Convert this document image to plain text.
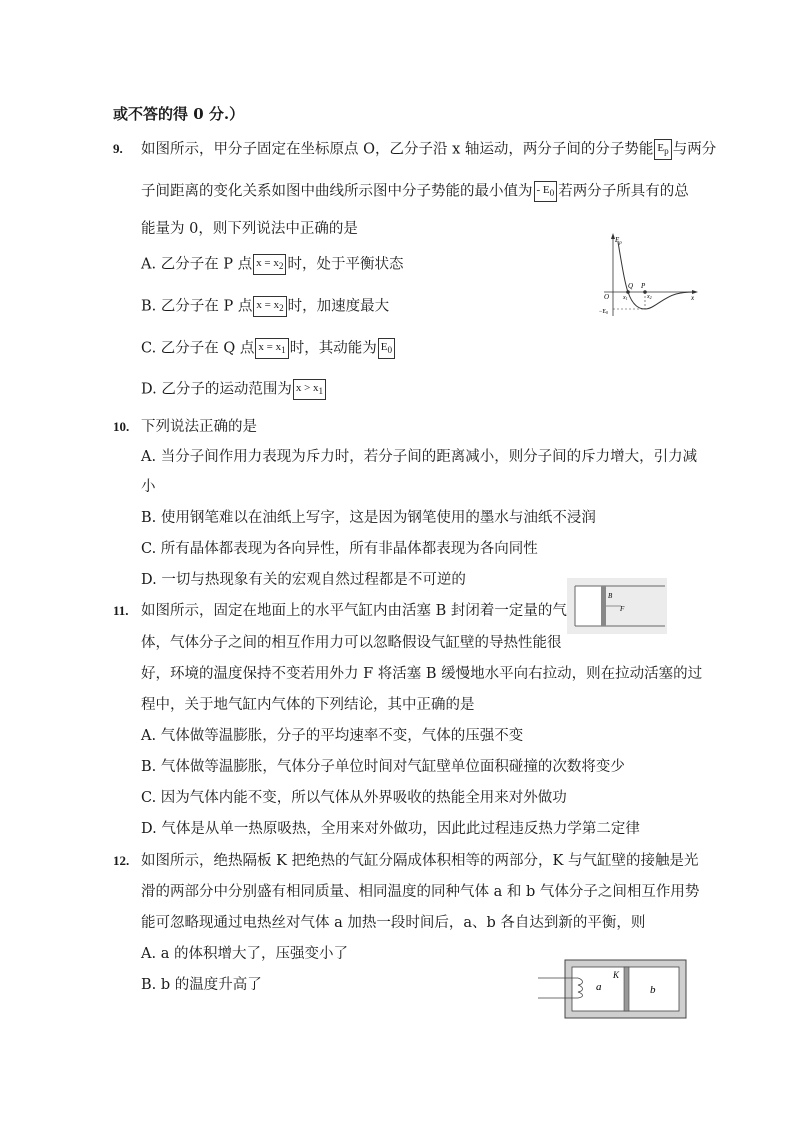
或不答的得 0 分.）
9. 如图所示，甲分子固定在坐标原点 O，乙分子沿 x 轴运动，两分子间的分子势能 $E_p$ 与两分
子间距离的变化关系如图中曲线所示图中分子势能的最小值为 - $E_0$ 若两分子所具有的总
能量为 0，则下列说法中正确的是
A. 乙分子在 P 点 $x = x_2$ 时，处于平衡状态
B. 乙分子在 P 点 $x = x_2$ 时，加速度最大
C. 乙分子在 Q 点 $x = x_1$ 时，其动能为 $E_0$
D. 乙分子的运动范围为 $x > x_1$
$E_p$
x
O
Q P
x1	x2
−E0
10. 下列说法正确的是
A. 当分子间作用力表现为斥力时，若分子间的距离减小，则分子间的斥力增大，引力减
小
B. 使用钢笔难以在油纸上写字，这是因为钢笔使用的墨水与油纸不浸润
C. 所有晶体都表现为各向异性，所有非晶体都表现为各向同性
D. 一切与热现象有关的宏观自然过程都是不可逆的
B
F
11. 如图所示，固定在地面上的水平气缸内由活塞 B 封闭着一定量的气
体，气体分子之间的相互作用力可以忽略假设气缸壁的导热性能很
好，环境的温度保持不变若用外力 F 将活塞 B 缓慢地水平向右拉动，则在拉动活塞的过
程中，关于地气缸内气体的下列结论，其中正确的是
A. 气体做等温膨胀，分子的平均速率不变，气体的压强不变
B. 气体做等温膨胀，气体分子单位时间对气缸壁单位面积碰撞的次数将变少
C. 因为气体内能不变，所以气体从外界吸收的热能全用来对外做功
D. 气体是从单一热原吸热，全用来对外做功，因此此过程违反热力学第二定律
12. 如图所示，绝热隔板 K 把绝热的气缸分隔成体积相等的两部分，K 与气缸壁的接触是光
滑的两部分中分别盛有相同质量、相同温度的同种气体 a 和 b 气体分子之间相互作用势
能可忽略现通过电热丝对气体 a 加热一段时间后，a、b 各自达到新的平衡，则
A. a 的体积增大了，压强变小了
B. b 的温度升高了	a	b
K
